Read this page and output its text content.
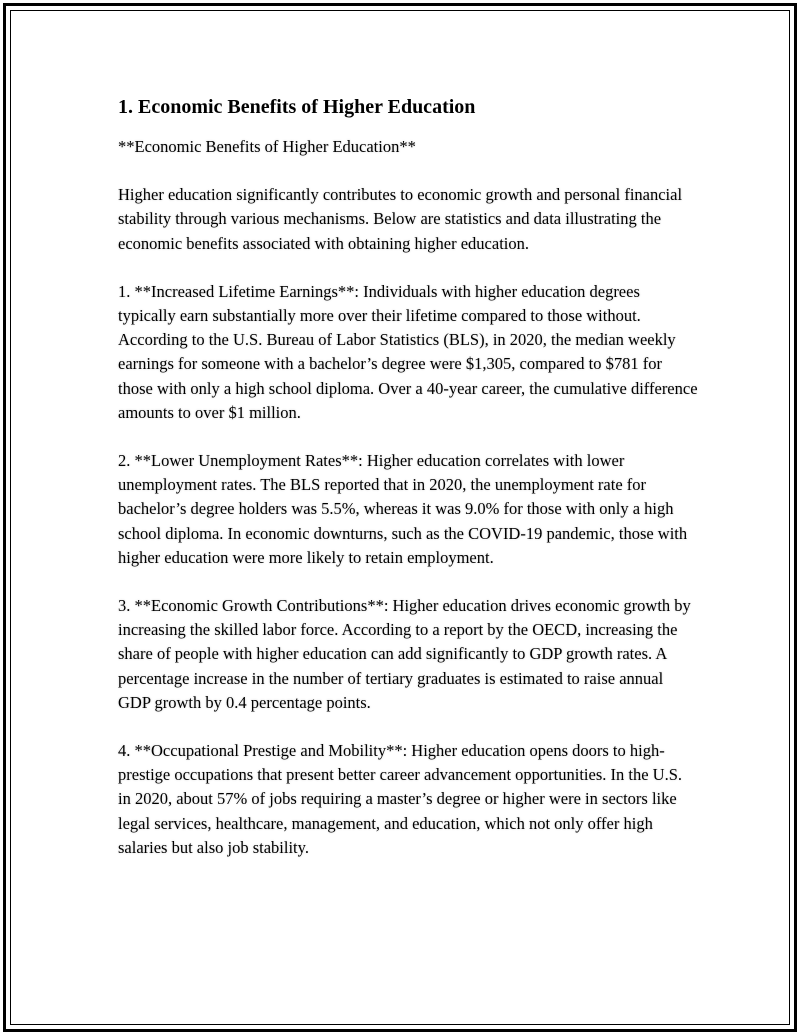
1. Economic Benefits of Higher Education

**Economic Benefits of Higher Education**

Higher education significantly contributes to economic growth and personal financial stability through various mechanisms. Below are statistics and data illustrating the economic benefits associated with obtaining higher education.

1. **Increased Lifetime Earnings**: Individuals with higher education degrees typically earn substantially more over their lifetime compared to those without. According to the U.S. Bureau of Labor Statistics (BLS), in 2020, the median weekly earnings for someone with a bachelor’s degree were $1,305, compared to $781 for those with only a high school diploma. Over a 40-year career, the cumulative difference amounts to over $1 million.

2. **Lower Unemployment Rates**: Higher education correlates with lower unemployment rates. The BLS reported that in 2020, the unemployment rate for bachelor’s degree holders was 5.5%, whereas it was 9.0% for those with only a high school diploma. In economic downturns, such as the COVID-19 pandemic, those with higher education were more likely to retain employment.

3. **Economic Growth Contributions**: Higher education drives economic growth by increasing the skilled labor force. According to a report by the OECD, increasing the share of people with higher education can add significantly to GDP growth rates. A percentage increase in the number of tertiary graduates is estimated to raise annual GDP growth by 0.4 percentage points.

4. **Occupational Prestige and Mobility**: Higher education opens doors to high-prestige occupations that present better career advancement opportunities. In the U.S. in 2020, about 57% of jobs requiring a master’s degree or higher were in sectors like legal services, healthcare, management, and education, which not only offer high salaries but also job stability.
